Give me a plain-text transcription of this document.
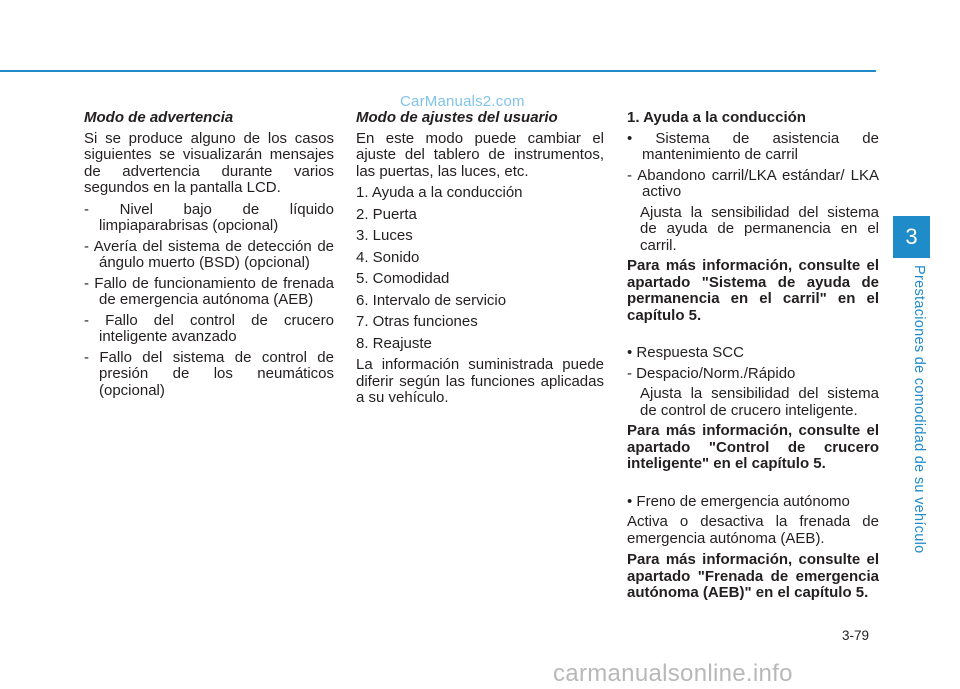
CarManuals2.com

Modo de advertencia

Si se produce alguno de los casos siguientes se visualizarán mensajes de advertencia durante varios segundos en la pantalla LCD.

- Nivel bajo de líquido limpiaparabrisas (opcional)

- Avería del sistema de detección de ángulo muerto (BSD) (opcional)

- Fallo de funcionamiento de frenada de emergencia autónoma (AEB)

- Fallo del control de crucero inteligente avanzado

- Fallo del sistema de control de presión de los neumáticos (opcional)

Modo de ajustes del usuario

En este modo puede cambiar el ajuste del tablero de instrumentos, las puertas, las luces, etc.

1. Ayuda a la conducción

2. Puerta

3. Luces

4. Sonido

5. Comodidad

6. Intervalo de servicio

7. Otras funciones

8. Reajuste

La información suministrada puede diferir según las funciones aplicadas a su vehículo.

1. Ayuda a la conducción

• Sistema de asistencia de mantenimiento de carril

- Abandono carril/LKA estándar/ LKA activo

Ajusta la sensibilidad del sistema de ayuda de permanencia en el carril.

Para más información, consulte el apartado "Sistema de ayuda de permanencia en el carril" en el capítulo 5.

• Respuesta SCC

- Despacio/Norm./Rápido

Ajusta la sensibilidad del sistema de control de crucero inteligente.

Para más información, consulte el apartado "Control de crucero inteligente" en el capítulo 5.

• Freno de emergencia autónomo

Activa o desactiva la frenada de emergencia autónoma (AEB).

Para más información, consulte el apartado "Frenada de emergencia autónoma (AEB)" en el capítulo 5.

3
Prestaciones de comodidad de su vehículo
3-79
carmanualsonline.info
